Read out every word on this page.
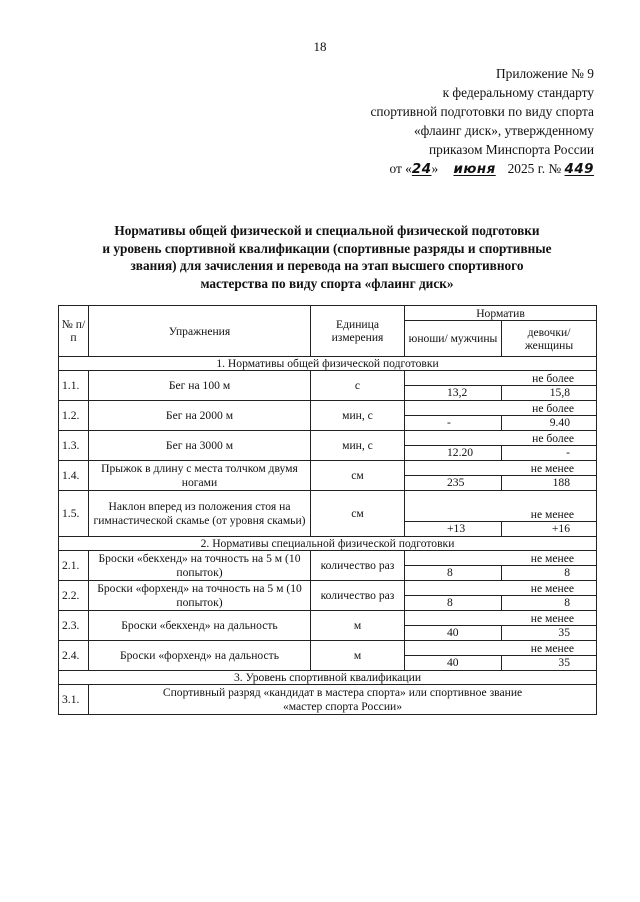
18
Приложение № 9
к федеральному стандарту
спортивной подготовки по виду спорта
«флаинг диск», утвержденному
приказом Минспорта России
от «24» июня 2025 г. № 449
Нормативы общей физической и специальной физической подготовки
и уровень спортивной квалификации (спортивные разряды и спортивные
звания) для зачисления и перевода на этап высшего спортивного
мастерства по виду спорта «флаинг диск»
№ п/п	Упражнения	Единица измерения	Норматив	
			юноши/ мужчины	девочки/ женщины
1. Нормативы общей физической подготовки				
1.1.	Бег на 100 м	с	не более	
			13,2	15,8
1.2.	Бег на 2000 м	мин, с	не более	
			-	9.40
1.3.	Бег на 3000 м	мин, с	не более	
			12.20	-
1.4.	Прыжок в длину с места толчком двумя ногами	см	не менее	
			235	188
1.5.	Наклон вперед из положения стоя на гимнастической скамье (от уровня скамьи)	см	не менее	
			+13	+16
2. Нормативы специальной физической подготовки				
2.1.	Броски «бекхенд» на точность на 5 м (10 попыток)	количество раз	не менее	
			8	8
2.2.	Броски «форхенд» на точность на 5 м (10 попыток)	количество раз	не менее	
			8	8
2.3.	Броски «бекхенд» на дальность	м	не менее	
			40	35
2.4.	Броски «форхенд» на дальность	м	не менее	
			40	35
3. Уровень спортивной квалификации				
3.1.	Спортивный разряд «кандидат в мастера спорта» или спортивное звание
«мастер спорта России»			
